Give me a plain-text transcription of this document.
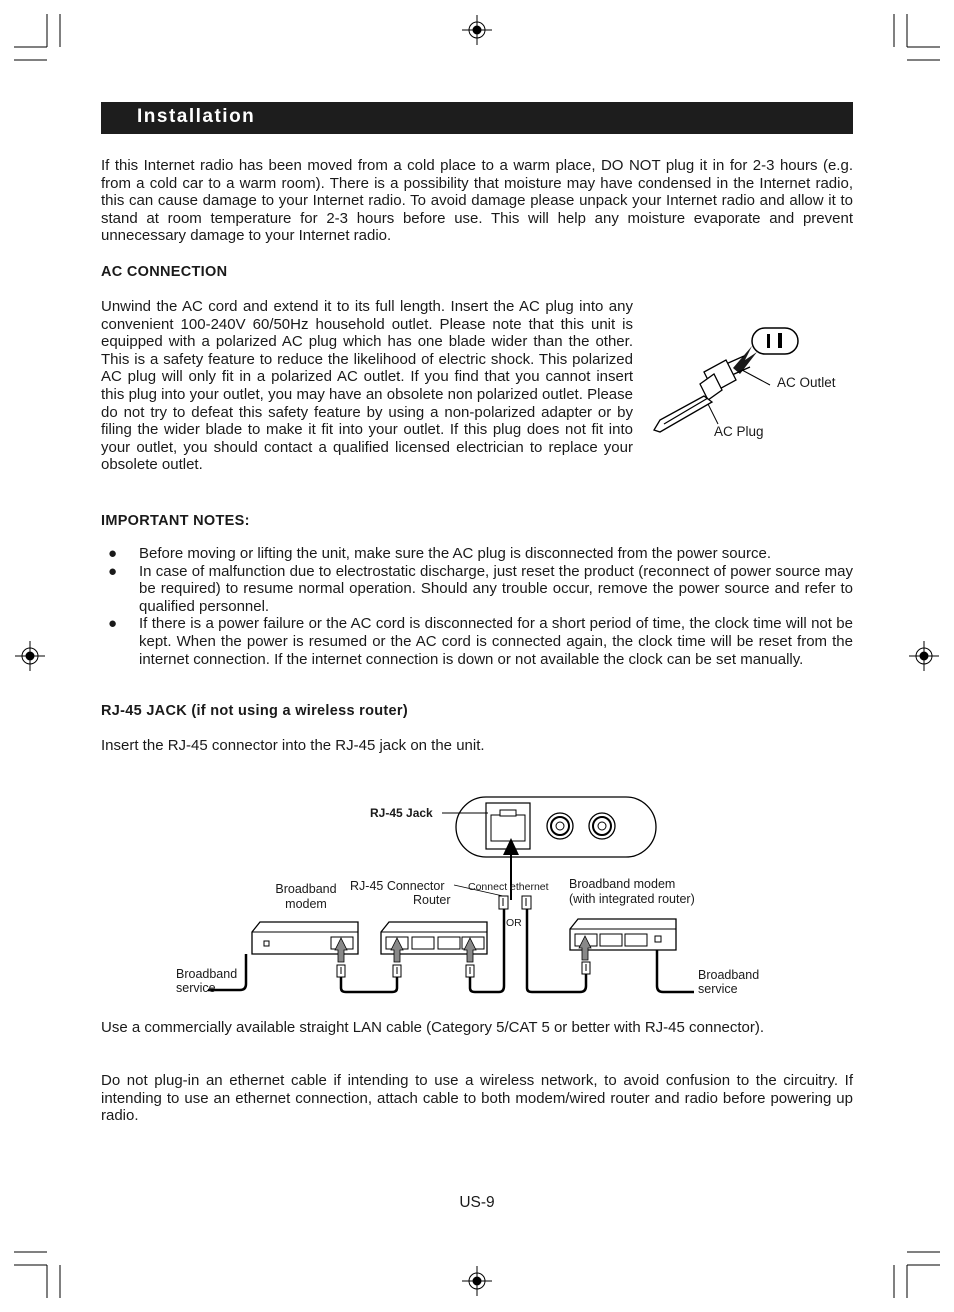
Installation
If this Internet radio has been moved from a cold place to a warm place, DO NOT plug it in for 2-3 hours (e.g. from a cold car to a warm room). There is a possibility that moisture may have condensed in the Internet radio, this can cause damage to your Internet radio. To avoid damage please unpack your Internet radio and allow it to stand at room temperature for 2-3 hours before use. This will help any moisture evaporate and prevent unnecessary damage to your Internet radio.
AC CONNECTION
Unwind the AC cord and extend it to its full length. Insert the AC plug into any convenient 100-240V 60/50Hz household outlet. Please note that this unit is equipped with a polarized AC plug which has one blade wider than the other. This is a safety feature to reduce the likelihood of electric shock. This polarized AC plug will only fit in a polarized AC outlet. If you find that you cannot insert this plug into your outlet, you may have an obsolete non polarized outlet. Please do not try to defeat this safety feature by using a non-polarized adapter or by filing the wider blade to make it fit into your outlet. If this plug does not fit into your outlet, you should contact a qualified licensed electrician to replace your obsolete outlet.
AC Outlet
AC Plug
IMPORTANT NOTES:

● Before moving or lifting the unit, make sure the AC plug is disconnected from the power source.

● In case of malfunction due to electrostatic discharge, just reset the product (reconnect of power source may be required) to resume normal operation. Should any trouble occur, remove the power source and refer to qualified personnel.

● If there is a power failure or the AC cord is disconnected for a short period of time, the clock time will not be kept. When the power is resumed or the AC cord is connected again, the clock time will be reset from the internet connection. If the internet connection is down or not available the clock can be set manually.

RJ-45 JACK (if not using a wireless router)
Insert the RJ-45 connector into the RJ-45 jack on the unit.
RJ-45 Jack
Broadband modem
RJ-45 Connector
Router
Connect ethernet
OR
Broadband modem
(with integrated router)
Broadband
service
Broadband
service
Use a commercially available straight LAN cable (Category 5/CAT 5 or better with RJ-45 connector).
Do not plug-in an ethernet cable if intending to use a wireless network, to avoid confusion to the circuitry. If intending to use an ethernet connection, attach cable to both modem/wired router and radio before powering up radio.
US-9
